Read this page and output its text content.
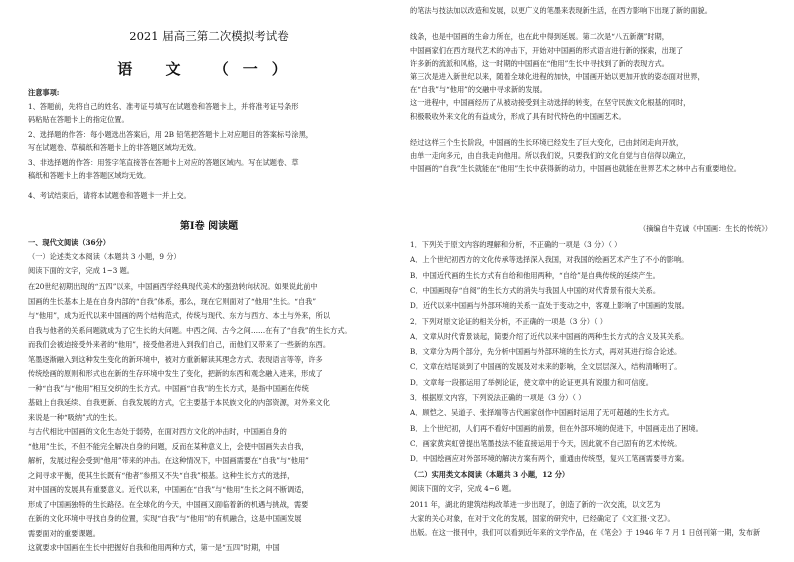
2021 届高三第二次模拟考试卷
语 文 （一）
注意事项:
1、答题前，先将自己的姓名、准考证号填写在试题卷和答题卡上，并将准考证号条形
码粘贴在答题卡上的指定位置。
2、选择题的作答：每小题选出答案后，用 2B 铅笔把答题卡上对应题目的答案标号涂黑，
写在试题卷、草稿纸和答题卡上的非答题区域均无效。
3、非选择题的作答：用签字笔直接答在答题卡上对应的答题区域内。写在试题卷、草
稿纸和答题卡上的非答题区域均无效。
4、考试结束后，请将本试题卷和答题卡一并上交。
第Ⅰ卷 阅读题
一、现代文阅读（36分）
（一）论述类文本阅读（本题共 3 小题，9 分）
阅读下面的文字，完成 1~3 题。
在20世纪初期出现的“五四”以来，中国画西学经典现代美术的强劲转向状况。如果说此前中
国画的生长基本上是在自身内部的“自我”体系，那么，现在它则面对了“他用”生长。“自我”
与“他用”，成为近代以来中国画的两个结构范式，传统与现代、东方与西方、本土与外来，所以
自我与他者的关系问题就成为了它生长的大问题。中西之间、古今之间……在有了“自我”的生长方式。
而我们会被迫接受外来者的“他用”，接受他者进入到我们自己，而他们又带来了一些新的东西。
笔墨逐渐融入到这种发生变化的新环境中，被对方重新解读其理念方式、表现语言等等，许多
传统绘画的原则和形式也在新的生存环境中发生了变化，把新的东西和观念融入进来，形成了
一种“自我”与“他用”相互交织的生长方式。中国画“自我”的生长方式，是指中国画在传统
基础上自我延续、自我更新、自我发展的方式，它主要基于本民族文化的内部资源，对外来文化
来说是一种“吸纳”式的生长。
与古代相比中国画的文化生态处于弱势，在面对西方文化的冲击时，中国画自身的
“他用”生长，不但不能完全解决自身的问题，反而在某种意义上，会使中国画失去自我，
解析，发展过程会受到“他用”带来的冲击。在这种情况下，中国画需要在“自我”与“他用”
之间寻求平衡，使其生长既有“他者”参照又不失“自我”根基。这种生长方式的选择，
对中国画的发展具有重要意义。近代以来，中国画在“自我”与“他用”生长之间不断调适，
形成了中国画独特的生长路径。在全球化的今天，中国画又面临着新的机遇与挑战，需要
在新的文化环境中寻找自身的位置，实现“自我”与“他用”的有机融合，这是中国画发展
需要面对的重要课题。
这就要求中国画在生长中把握好自我和他用两种方式，第一是“五四”时期，中国
的笔法与技法加以改造和发展，以更广义的笔墨来表现新生活，在西方影响下出现了新的面貌。
线条，也是中国画的生命力所在，也在此中得到延展。第二次是“八五新潮”时期，
中国画家们在西方现代艺术的冲击下，开始对中国画的形式语言进行新的探索，出现了
许多新的流派和风格，这一时期的中国画在“他用”生长中寻找到了新的表现方式。
第三次是进入新世纪以来，随着全球化进程的加快，中国画开始以更加开放的姿态面对世界，
在“自我”与“他用”的交融中寻求新的发展。
这一进程中，中国画经历了从被动接受到主动选择的转变，在坚守民族文化根基的同时，
积极吸收外来文化的有益成分，形成了具有时代特色的中国画艺术。
经过这样三个生长阶段，中国画的生长环境已经发生了巨大变化，已由封闭走向开放，
由单一走向多元，由自我走向他用。所以我们说，只要我们的文化自觉与自信得以确立，
中国画的“自我”生长就能在“他用”生长中获得新的动力，中国画也就能在世界艺术之林中占有重要地位。
（摘编自牛克诚《中国画：生长的传统》）
1．下列关于原文内容的理解和分析，不正确的一项是（3 分）（ ）
A．上个世纪初西方的文化传承等选择深入我国，对我国的绘画艺术产生了不小的影响。
B．中国近代画的生长方式有自给和他用两种，“自给”是自典传统的延续产生。
C．中国画现存“自阅”的生长方式的消失与我国人中国的对代背景有很大关系。
D．近代以来中国画与外部环境的关系一直处于变动之中，客观上影响了中国画的发展。
2．下列对原文论证的相关分析，不正确的一项是（3 分）（ ）
A．文章从时代背景谈起，简要介绍了近代以来中国画的两种生长方式的含义及其关系。
B．文章分为两个部分，先分析中国画与外部环境的生长方式，再对其进行综合论述。
C．文章在结尾谈到了中国画的发展及对未来的影响，全文层层深入，结构清晰明了。
D．文章每一段都运用了举例论证，使文章中的论证更具有说服力和可信度。
3．根据原文内容，下列说法正确的一项是（3 分）（ ）
A．顾恺之、吴道子、张择端等古代画家创作中国画时运用了无可超越的生长方式。
B．上个世纪初，人们再不看好中国画的前景，但在外部环境的促进下，中国画走出了困境。
C．画家黄宾虹曾提出笔墨技法不能直接运用于今天，因此就不自己固有的艺术传统。
D．中国绘画应对外部环境的解决方案有两个，重通由传统型，复兴工笔画需要寻方案。
（二）实用类文本阅读（本题共 3 小题，12 分）
阅读下面的文字，完成 4~6 题。
2011 年，湖北的建筑结构改革进一步出现了，创造了新的一次交流，以文艺为
大家的关心对象，在对于文化的发展，国家的研究中，已经确定了《文汇报·文艺》。
出版。在这一报刊中，我们可以看到近年来的文学作品，在《笔会》于 1946 年 7 月 1 日创刊第一期，发布新
